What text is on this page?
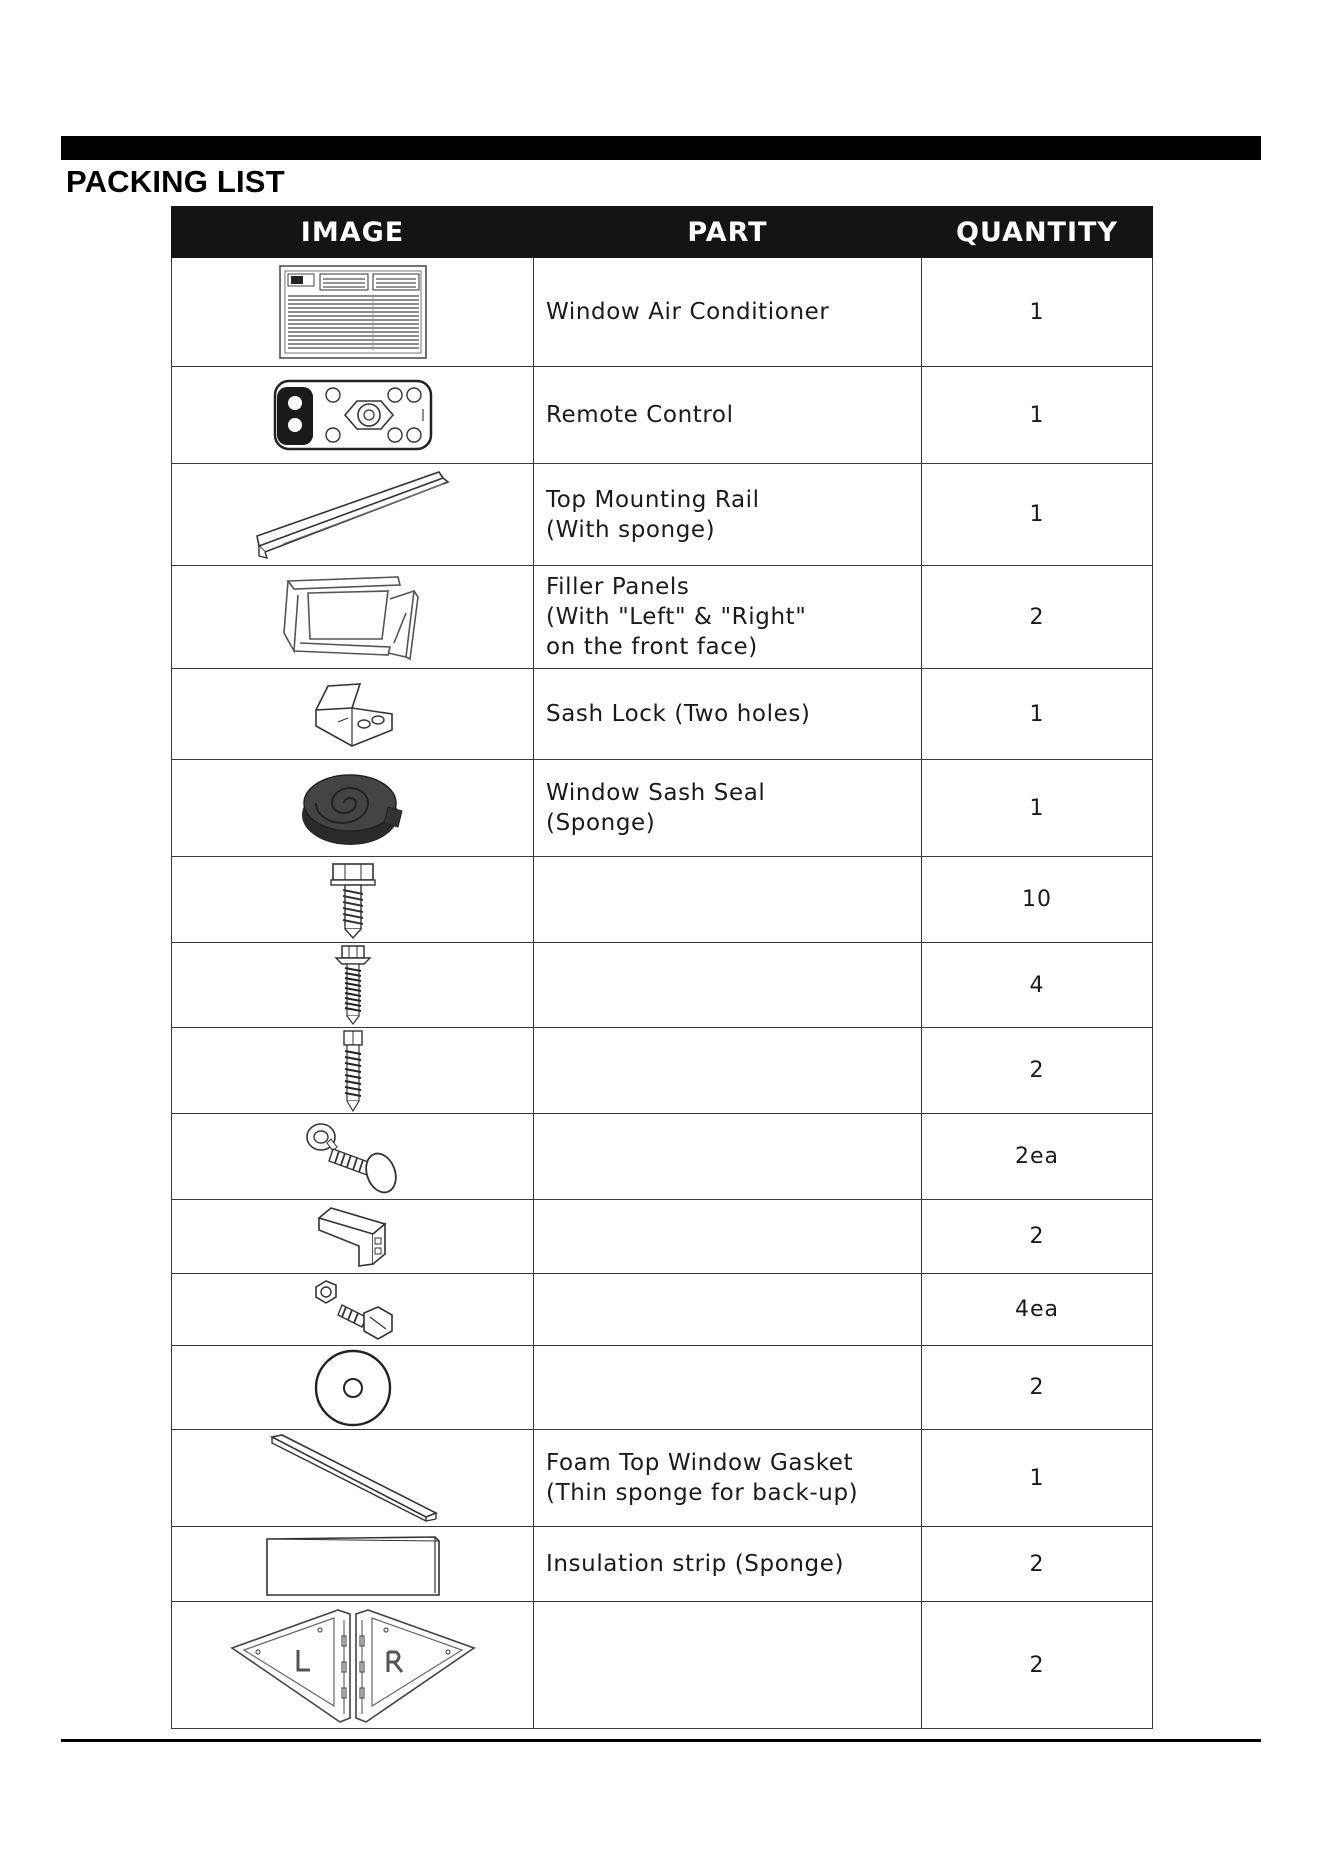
PACKING LIST
IMAGE	PART	QUANTITY

Window Air Conditioner	1

Remote Control	1

Top Mounting Rail
(With sponge)	1

Filler Panels
(With "Left" & "Right"
on the front face)	2

Sash Lock (Two holes)	1

Window Sash Seal
(Sponge)	1
		10
		4
		2
		2ea
		2
		4ea
		2

Foam Top Window Gasket
(Thin sponge for back-up)	1

Insulation strip (Sponge)	2
		2
